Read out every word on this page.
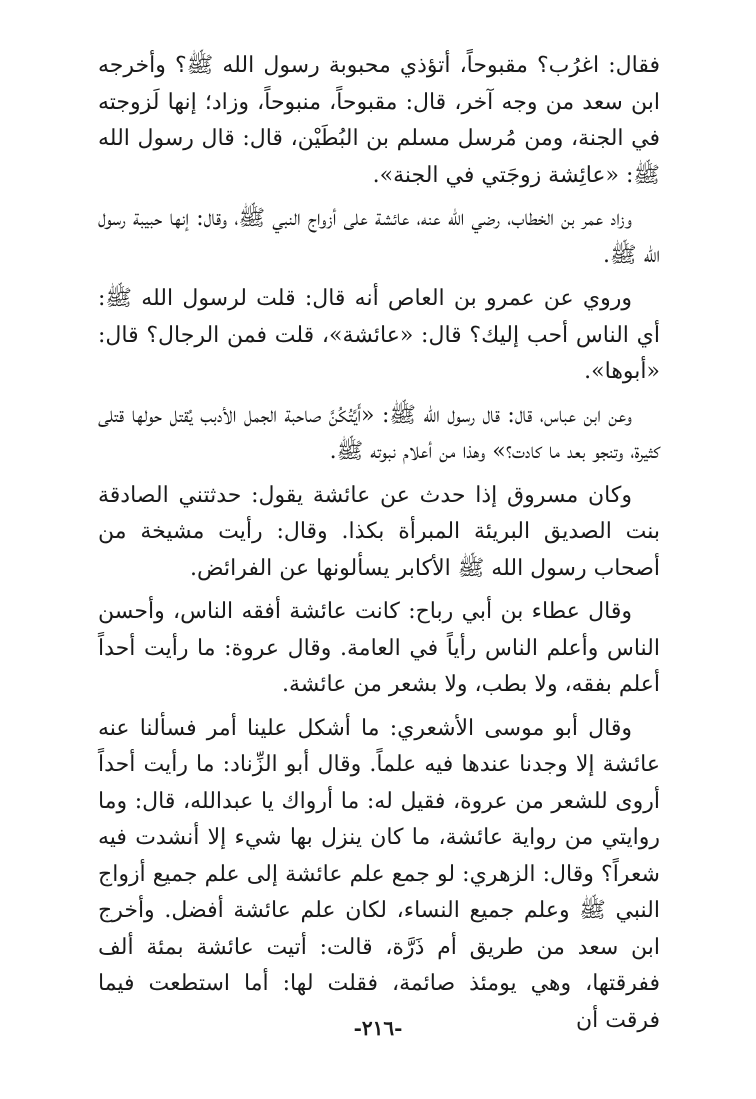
فقال: اغرُب؟ مقبوحاً، أتؤذي محبوبة رسول الله ﷺ؟ وأخرجه ابن سعد من وجه آخر، قال: مقبوحاً، منبوحاً، وزاد؛ إنها لَزوجته في الجنة، ومن مُرسل مسلم بن البُطَيْن، قال: قال رسول الله ﷺ: «عائِشة زوجَتي في الجنة».

وزاد عمر بن الخطاب، رضي الله عنه، عائشة على أزواج النبي ﷺ، وقال: إنها حبيبة رسول الله ﷺ.

وروي عن عمرو بن العاص أنه قال: قلت لرسول الله ﷺ: أي الناس أحب إليك؟ قال: «عائشة»، قلت فمن الرجال؟ قال: «أبوها».

وعن ابن عباس، قال: قال رسول الله ﷺ: «أَيَّتُكُنَّ صاحبة الجمل الأدبب يُقتل حولها قتلى كثيرة، وتنجو بعد ما كادت؟» وهذا من أعلام نبوته ﷺ.

وكان مسروق إذا حدث عن عائشة يقول: حدثتني الصادقة بنت الصديق البريئة المبرأة بكذا. وقال: رأيت مشيخة من أصحاب رسول الله ﷺ الأكابر يسألونها عن الفرائض.

وقال عطاء بن أبي رباح: كانت عائشة أفقه الناس، وأحسن الناس وأعلم الناس رأياً في العامة. وقال عروة: ما رأيت أحداً أعلم بفقه، ولا بطب، ولا بشعر من عائشة.

وقال أبو موسى الأشعري: ما أشكل علينا أمر فسألنا عنه عائشة إلا وجدنا عندها فيه علماً. وقال أبو الزِّناد: ما رأيت أحداً أروى للشعر من عروة، فقيل له: ما أرواك يا عبدالله، قال: وما روايتي من رواية عائشة، ما كان ينزل بها شيء إلا أنشدت فيه شعراً؟ وقال: الزهري: لو جمع علم عائشة إلى علم جميع أزواج النبي ﷺ وعلم جميع النساء، لكان علم عائشة أفضل. وأخرج ابن سعد من طريق أم ذَرَّة، قالت: أتيت عائشة بمئة ألف ففرقتها، وهي يومئذ صائمة، فقلت لها: أما استطعت فيما فرقت أن

-٢١٦-
